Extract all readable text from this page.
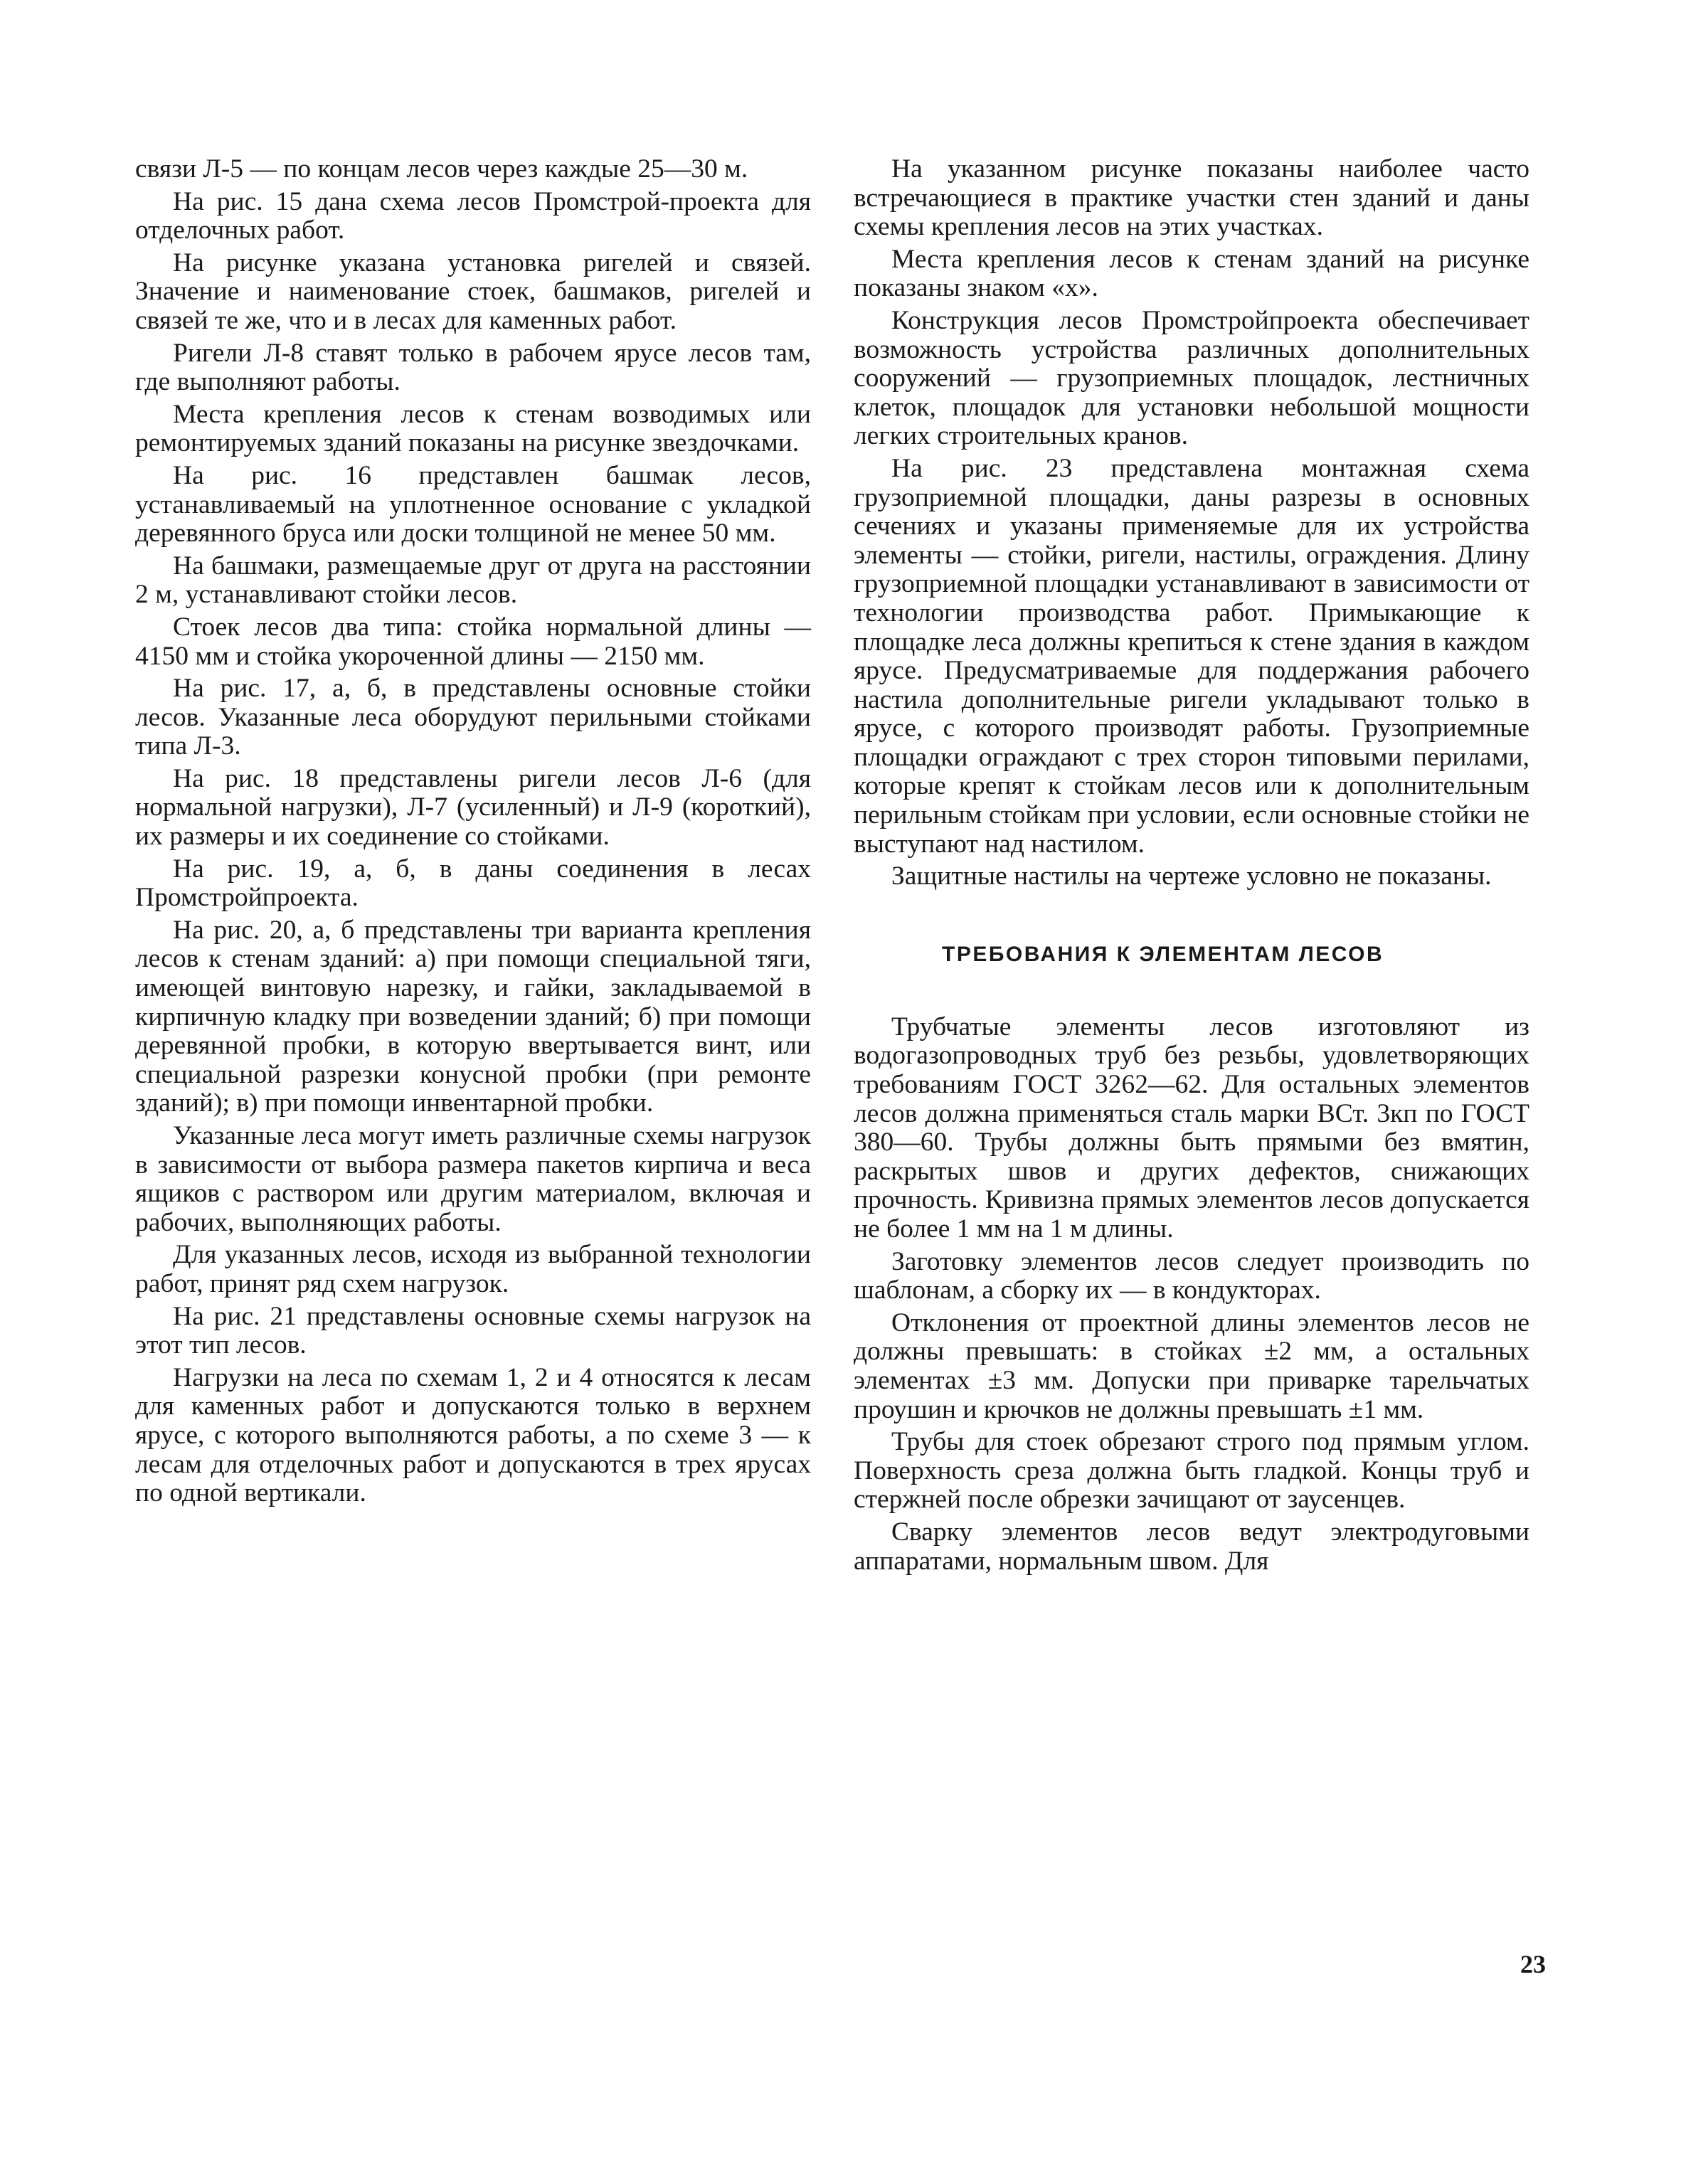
связи Л-5 — по концам лесов через каждые 25—30 м.

На рис. 15 дана схема лесов Промстрой-проекта для отделочных работ.

На рисунке указана установка ригелей и связей. Значение и наименование стоек, башмаков, ригелей и связей те же, что и в лесах для каменных работ.

Ригели Л-8 ставят только в рабочем ярусе лесов там, где выполняют работы.

Места крепления лесов к стенам возводимых или ремонтируемых зданий показаны на рисунке звездочками.

На рис. 16 представлен башмак лесов, устанавливаемый на уплотненное основание с укладкой деревянного бруса или доски толщиной не менее 50 мм.

На башмаки, размещаемые друг от друга на расстоянии 2 м, устанавливают стойки лесов.

Стоек лесов два типа: стойка нормальной длины — 4150 мм и стойка укороченной длины — 2150 мм.

На рис. 17, а, б, в представлены основные стойки лесов. Указанные леса оборудуют перильными стойками типа Л-3.

На рис. 18 представлены ригели лесов Л-6 (для нормальной нагрузки), Л-7 (усиленный) и Л-9 (короткий), их размеры и их соединение со стойками.

На рис. 19, а, б, в даны соединения в лесах Промстройпроекта.

На рис. 20, а, б представлены три варианта крепления лесов к стенам зданий: а) при помощи специальной тяги, имеющей винтовую нарезку, и гайки, закладываемой в кирпичную кладку при возведении зданий; б) при помощи деревянной пробки, в которую ввертывается винт, или специальной разрезки конусной пробки (при ремонте зданий); в) при помощи инвентарной пробки.

Указанные леса могут иметь различные схемы нагрузок в зависимости от выбора размера пакетов кирпича и веса ящиков с раствором или другим материалом, включая и рабочих, выполняющих работы.

Для указанных лесов, исходя из выбранной технологии работ, принят ряд схем нагрузок.

На рис. 21 представлены основные схемы нагрузок на этот тип лесов.

Нагрузки на леса по схемам 1, 2 и 4 относятся к лесам для каменных работ и допускаются только в верхнем ярусе, с которого выполняются работы, а по схеме 3 — к лесам для отделочных работ и допускаются в трех ярусах по одной вертикали.

На указанном рисунке показаны наиболее часто встречающиеся в практике участки стен зданий и даны схемы крепления лесов на этих участках.

Места крепления лесов к стенам зданий на рисунке показаны знаком «х».

Конструкция лесов Промстройпроекта обеспечивает возможность устройства различных дополнительных сооружений — грузоприемных площадок, лестничных клеток, площадок для установки небольшой мощности легких строительных кранов.

На рис. 23 представлена монтажная схема грузоприемной площадки, даны разрезы в основных сечениях и указаны применяемые для их устройства элементы — стойки, ригели, настилы, ограждения. Длину грузоприемной площадки устанавливают в зависимости от технологии производства работ. Примыкающие к площадке леса должны крепиться к стене здания в каждом ярусе. Предусматриваемые для поддержания рабочего настила дополнительные ригели укладывают только в ярусе, с которого производят работы. Грузоприемные площадки ограждают с трех сторон типовыми перилами, которые крепят к стойкам лесов или к дополнительным перильным стойкам при условии, если основные стойки не выступают над настилом.

Защитные настилы на чертеже условно не показаны.

ТРЕБОВАНИЯ К ЭЛЕМЕНТАМ ЛЕСОВ

Трубчатые элементы лесов изготовляют из водогазопроводных труб без резьбы, удовлетворяющих требованиям ГОСТ 3262—62. Для остальных элементов лесов должна применяться сталь марки ВСт. 3кп по ГОСТ 380—60. Трубы должны быть прямыми без вмятин, раскрытых швов и других дефектов, снижающих прочность. Кривизна прямых элементов лесов допускается не более 1 мм на 1 м длины.

Заготовку элементов лесов следует производить по шаблонам, а сборку их — в кондукторах.

Отклонения от проектной длины элементов лесов не должны превышать: в стойках ±2 мм, а остальных элементах ±3 мм. Допуски при приварке тарельчатых проушин и крючков не должны превышать ±1 мм.

Трубы для стоек обрезают строго под прямым углом. Поверхность среза должна быть гладкой. Концы труб и стержней после обрезки зачищают от заусенцев.

Сварку элементов лесов ведут электродуговыми аппаратами, нормальным швом. Для

23
